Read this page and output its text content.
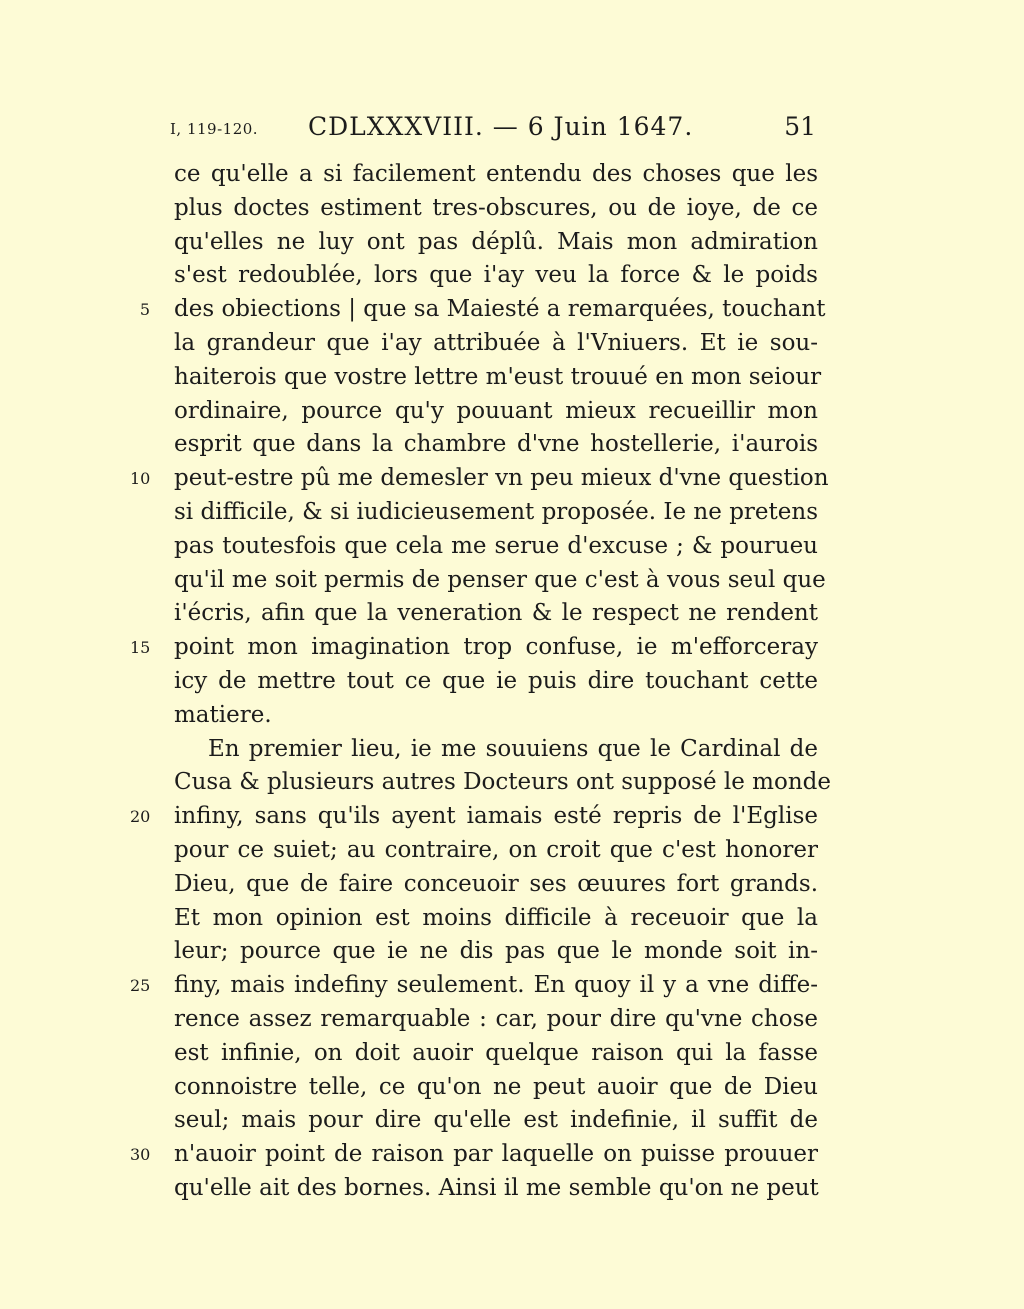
I, 119-120. CDLXXXVIII. — 6 Juin 1647.	51
ce qu'elle a si facilement entendu des choses que les
plus doctes estiment tres-obscures, ou de ioye, de ce
qu'elles ne luy ont pas déplû. Mais mon admiration
s'est redoublée, lors que i'ay veu la force & le poids
5 des obiections | que sa Maiesté a remarquées, touchant
la grandeur que i'ay attribuée à l'Vniuers. Et ie sou-
haiterois que vostre lettre m'eust trouué en mon seiour
ordinaire, pource qu'y pouuant mieux recueillir mon
esprit que dans la chambre d'vne hostellerie, i'aurois
10 peut-estre pû me demesler vn peu mieux d'vne question
si difficile, & si iudicieusement proposée. Ie ne pretens
pas toutesfois que cela me serue d'excuse ; & pourueu
qu'il me soit permis de penser que c'est à vous seul que
i'écris, afin que la veneration & le respect ne rendent
15 point mon imagination trop confuse, ie m'efforceray
icy de mettre tout ce que ie puis dire touchant cette
matiere.
En premier lieu, ie me souuiens que le Cardinal de
Cusa & plusieurs autres Docteurs ont supposé le monde
20 infiny, sans qu'ils ayent iamais esté repris de l'Eglise
pour ce suiet; au contraire, on croit que c'est honorer
Dieu, que de faire conceuoir ses œuures fort grands.
Et mon opinion est moins difficile à receuoir que la
leur; pource que ie ne dis pas que le monde soit in-
25 finy, mais indefiny seulement. En quoy il y a vne diffe-
rence assez remarquable : car, pour dire qu'vne chose
est infinie, on doit auoir quelque raison qui la fasse
connoistre telle, ce qu'on ne peut auoir que de Dieu
seul; mais pour dire qu'elle est indefinie, il suffit de
30 n'auoir point de raison par laquelle on puisse prouuer
qu'elle ait des bornes. Ainsi il me semble qu'on ne peut
